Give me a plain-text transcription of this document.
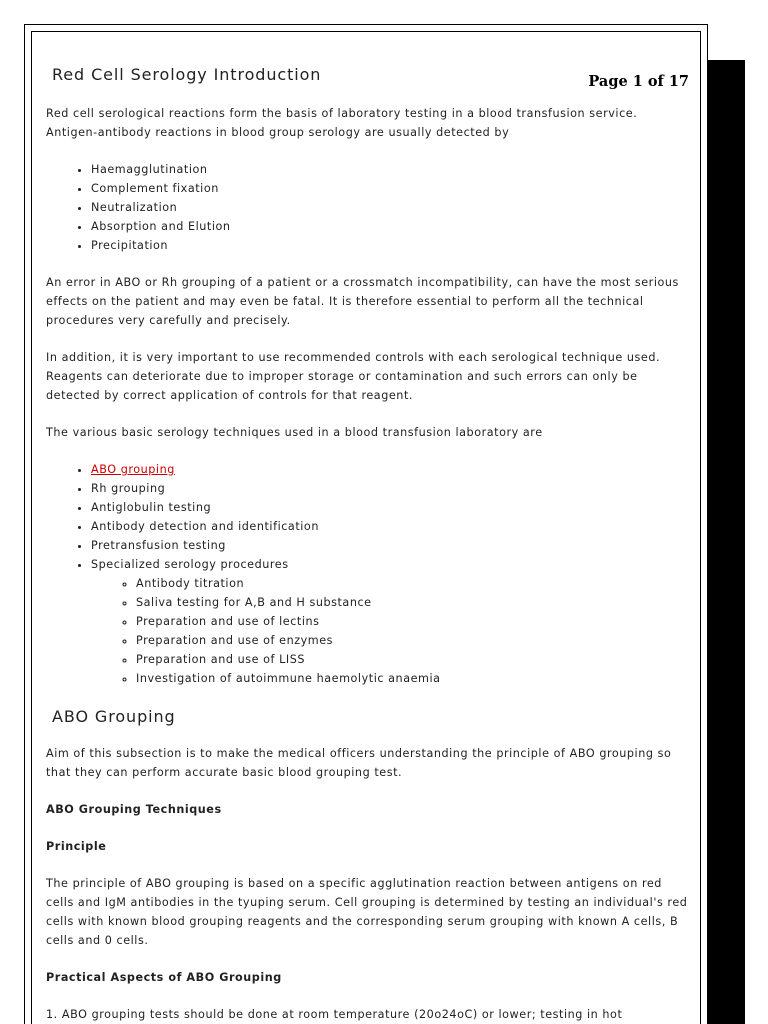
Page 1 of 17
Red Cell Serology Introduction

Red cell serological reactions form the basis of laboratory testing in a blood transfusion service. Antigen-antibody reactions in blood group serology are usually detected by

• Haemagglutination
• Complement fixation
• Neutralization
• Absorption and Elution
• Precipitation

An error in ABO or Rh grouping of a patient or a crossmatch incompatibility, can have the most serious effects on the patient and may even be fatal. It is therefore essential to perform all the technical procedures very carefully and precisely.

In addition, it is very important to use recommended controls with each serological technique used. Reagents can deteriorate due to improper storage or contamination and such errors can only be detected by correct application of controls for that reagent.

The various basic serology techniques used in a blood transfusion laboratory are

• ABO grouping
• Rh grouping
• Antiglobulin testing
• Antibody detection and identification
• Pretransfusion testing
• Specialized serology procedures
◦ Antibody titration
◦ Saliva testing for A,B and H substance
◦ Preparation and use of lectins
◦ Preparation and use of enzymes
◦ Preparation and use of LISS
◦ Investigation of autoimmune haemolytic anaemia
ABO Grouping

Aim of this subsection is to make the medical officers understanding the principle of ABO grouping so that they can perform accurate basic blood grouping test.

ABO Grouping Techniques
Principle

The principle of ABO grouping is based on a specific agglutination reaction between antigens on red cells and IgM antibodies in the tyuping serum. Cell grouping is determined by testing an individual's red cells with known blood grouping reagents and the corresponding serum grouping with known A cells, B cells and 0 cells.

Practical Aspects of ABO Grouping

1. ABO grouping tests should be done at room temperature (20o24oC) or lower; testing in hot
